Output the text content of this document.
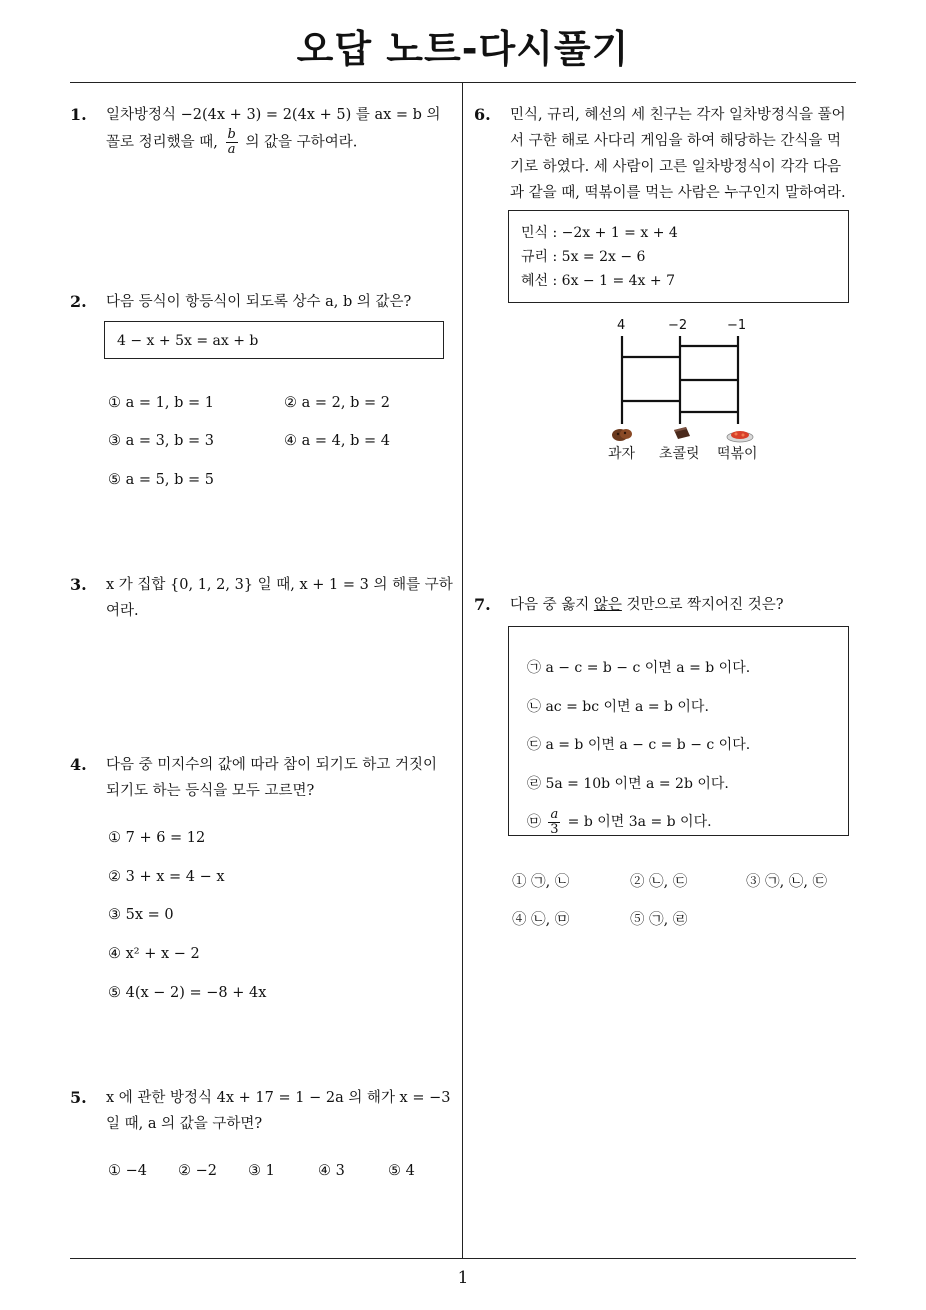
오답 노트-다시풀기
1
1. 일차방정식 −2(4x + 3) = 2(4x + 5) 를 ax = b 의
꼴로 정리했을 때, $\frac{b}{a}$ 의 값을 구하여라.
2. 다음 등식이 항등식이 되도록 상수 a, b 의 값은?
4 − x + 5x = ax + b
① a = 1, b = 1	② a = 2, b = 2
③ a = 3, b = 3	④ a = 4, b = 4
⑤ a = 5, b = 5
3. x 가 집합 {0, 1, 2, 3} 일 때, x + 1 = 3 의 해를 구하
여라.
4. 다음 중 미지수의 값에 따라 참이 되기도 하고 거짓이
되기도 하는 등식을 모두 고르면?
① 7 + 6 = 12
② 3 + x = 4 − x
③ 5x = 0
④ x² + x − 2
⑤ 4(x − 2) = −8 + 4x
5. x 에 관한 방정식 4x + 17 = 1 − 2a 의 해가 x = −3
일 때, a 의 값을 구하면?
① −4 ② −2 ③ 1	④ 3	⑤ 4
6. 민식, 규리, 혜선의 세 친구는 각자 일차방정식을 풀어
서 구한 해로 사다리 게임을 하여 해당하는 간식을 먹
기로 하였다. 세 사람이 고른 일차방정식이 각각 다음
과 같을 때, 떡볶이를 먹는 사람은 누구인지 말하여라.
민식 : −2x + 1 = x + 4
규리 : 5x = 2x − 6
혜선 : 6x − 1 = 4x + 7
4	−2	−1
과자 초콜릿 떡볶이
7. 다음 중 옳지 않은 것만으로 짝지어진 것은?
㉠ a − c = b − c 이면 a = b 이다.
㉡ ac = bc 이면 a = b 이다.
㉢ a = b 이면 a − c = b − c 이다.
㉣ 5a = 10b 이면 a = 2b 이다.
㉤ $\frac{a}{3} = b$ 이면 3a = b 이다.
① ㉠, ㉡	② ㉡, ㉢	③ ㉠, ㉡, ㉢
④ ㉡, ㉤	⑤ ㉠, ㉣
